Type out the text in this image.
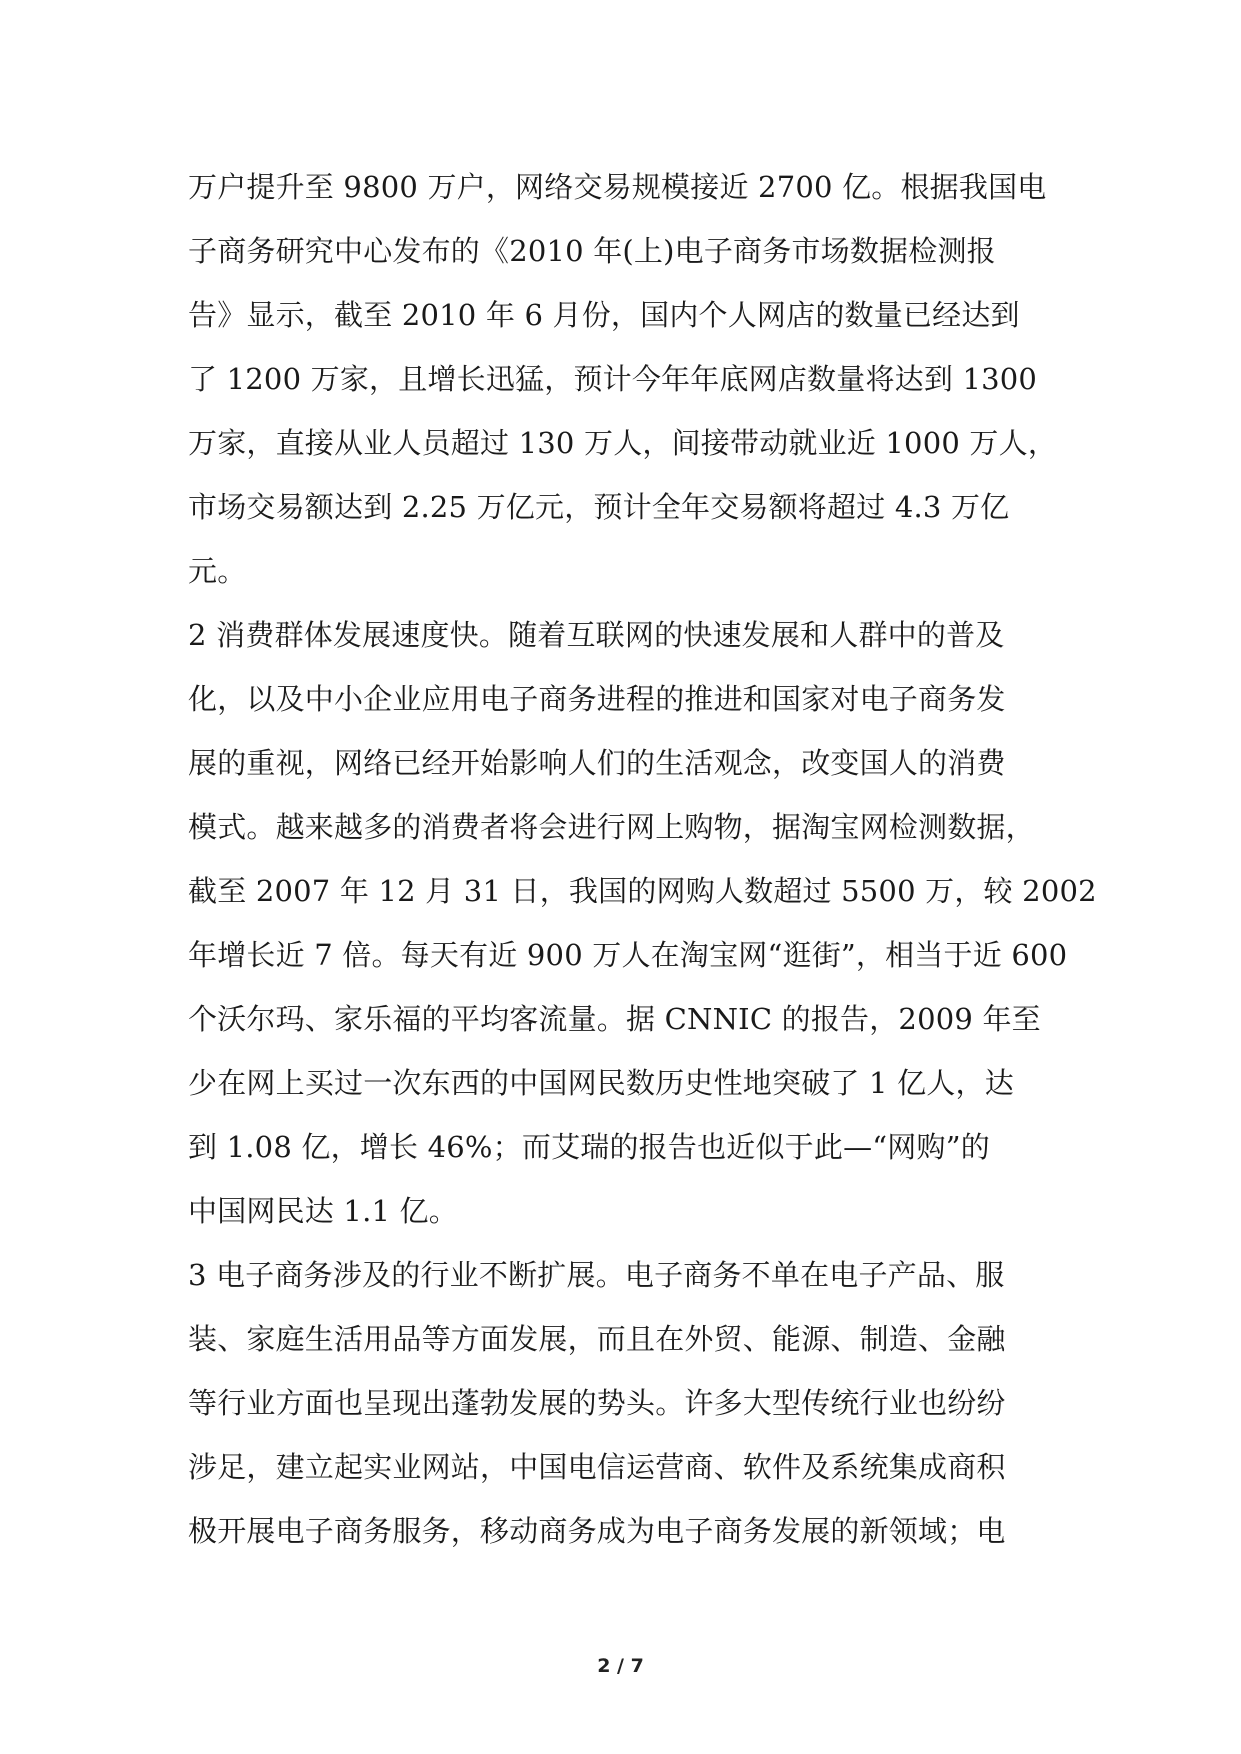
万户提升至 9800 万户，网络交易规模接近 2700 亿。根据我国电
子商务研究中心发布的《2010 年(上)电子商务市场数据检测报
告》显示，截至 2010 年 6 月份，国内个人网店的数量已经达到
了 1200 万家，且增长迅猛，预计今年年底网店数量将达到 1300
万家，直接从业人员超过 130 万人，间接带动就业近 1000 万人，
市场交易额达到 2.25 万亿元，预计全年交易额将超过 4.3 万亿
元。
2 消费群体发展速度快。随着互联网的快速发展和人群中的普及
化，以及中小企业应用电子商务进程的推进和国家对电子商务发
展的重视，网络已经开始影响人们的生活观念，改变国人的消费
模式。越来越多的消费者将会进行网上购物，据淘宝网检测数据，
截至 2007 年 12 月 31 日，我国的网购人数超过 5500 万，较 2002
年增长近 7 倍。每天有近 900 万人在淘宝网“逛街”，相当于近 600
个沃尔玛、家乐福的平均客流量。据 CNNIC 的报告，2009 年至
少在网上买过一次东西的中国网民数历史性地突破了 1 亿人，达
到 1.08 亿，增长 46%；而艾瑞的报告也近似于此—“网购”的
中国网民达 1.1 亿。
3 电子商务涉及的行业不断扩展。电子商务不单在电子产品、服
装、家庭生活用品等方面发展，而且在外贸、能源、制造、金融
等行业方面也呈现出蓬勃发展的势头。许多大型传统行业也纷纷
涉足，建立起实业网站，中国电信运营商、软件及系统集成商积
极开展电子商务服务，移动商务成为电子商务发展的新领域；电
2 / 7
